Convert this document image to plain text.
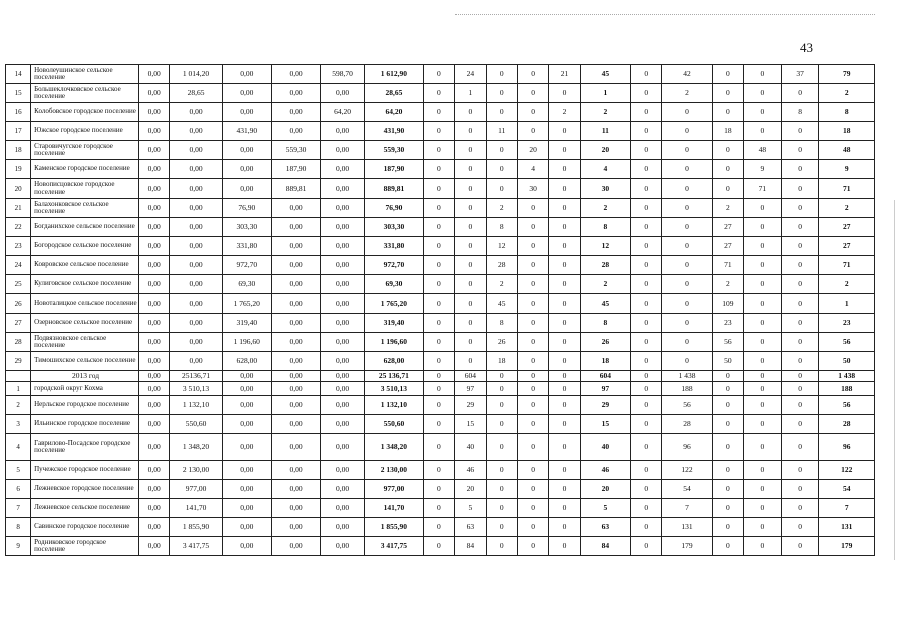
43
14	Новолеушинское сельское поселение	0,00	1 014,20	0,00	0,00	598,70	1 612,90	0	24	0	0	21	45	0	42	0	0	37	79
15	Большеклочковское сельское поселение	0,00	28,65	0,00	0,00	0,00	28,65	0	1	0	0	0	1	0	2	0	0	0	2
16	Колобовское городское поселение	0,00	0,00	0,00	0,00	64,20	64,20	0	0	0	0	2	2	0	0	0	0	8	8
17	Южское городское поселение	0,00	0,00	431,90	0,00	0,00	431,90	0	0	11	0	0	11	0	0	18	0	0	18
18	Старовичугское городское поселение	0,00	0,00	0,00	559,30	0,00	559,30	0	0	0	20	0	20	0	0	0	48	0	48
19	Каменское городское поселение	0,00	0,00	0,00	187,90	0,00	187,90	0	0	0	4	0	4	0	0	0	9	0	9
20	Новописцовское городское поселение	0,00	0,00	0,00	889,81	0,00	889,81	0	0	0	30	0	30	0	0	0	71	0	71
21	Балахонковское сельское поселение	0,00	0,00	76,90	0,00	0,00	76,90	0	0	2	0	0	2	0	0	2	0	0	2
22	Богданихское сельское поселение	0,00	0,00	303,30	0,00	0,00	303,30	0	0	8	0	0	8	0	0	27	0	0	27
23	Богородское сельское поселение	0,00	0,00	331,80	0,00	0,00	331,80	0	0	12	0	0	12	0	0	27	0	0	27
24	Ковровское сельское поселение	0,00	0,00	972,70	0,00	0,00	972,70	0	0	28	0	0	28	0	0	71	0	0	71
25	Кулиговское сельское поселение	0,00	0,00	69,30	0,00	0,00	69,30	0	0	2	0	0	2	0	0	2	0	0	2
26	Новоталицкое сельское поселение	0,00	0,00	1 765,20	0,00	0,00	1 765,20	0	0	45	0	0	45	0	0	109	0	0	1
27	Озерновское сельское поселение	0,00	0,00	319,40	0,00	0,00	319,40	0	0	8	0	0	8	0	0	23	0	0	23
28	Подвязновское сельское поселение	0,00	0,00	1 196,60	0,00	0,00	1 196,60	0	0	26	0	0	26	0	0	56	0	0	56
29	Тимошихское сельское поселение	0,00	0,00	628,00	0,00	0,00	628,00	0	0	18	0	0	18	0	0	50	0	0	50
	2013 год	0,00	25136,71	0,00	0,00	0,00	25 136,71	0	604	0	0	0	604	0	1 438	0	0	0	1 438
1	городской округ Кохма	0,00	3 510,13	0,00	0,00	0,00	3 510,13	0	97	0	0	0	97	0	188	0	0	0	188
2	Нерльское городское поселение	0,00	1 132,10	0,00	0,00	0,00	1 132,10	0	29	0	0	0	29	0	56	0	0	0	56
3	Ильинское городское поселение	0,00	550,60	0,00	0,00	0,00	550,60	0	15	0	0	0	15	0	28	0	0	0	28
4	Гаврилово-Посадское городское поселение	0,00	1 348,20	0,00	0,00	0,00	1 348,20	0	40	0	0	0	40	0	96	0	0	0	96
5	Пучежское городское поселение	0,00	2 130,00	0,00	0,00	0,00	2 130,00	0	46	0	0	0	46	0	122	0	0	0	122
6	Лежневское городское поселение	0,00	977,00	0,00	0,00	0,00	977,00	0	20	0	0	0	20	0	54	0	0	0	54
7	Лежневское сельское поселение	0,00	141,70	0,00	0,00	0,00	141,70	0	5	0	0	0	5	0	7	0	0	0	7
8	Савинское городское поселение	0,00	1 855,90	0,00	0,00	0,00	1 855,90	0	63	0	0	0	63	0	131	0	0	0	131
9	Родниковское городское поселение	0,00	3 417,75	0,00	0,00	0,00	3 417,75	0	84	0	0	0	84	0	179	0	0	0	179
